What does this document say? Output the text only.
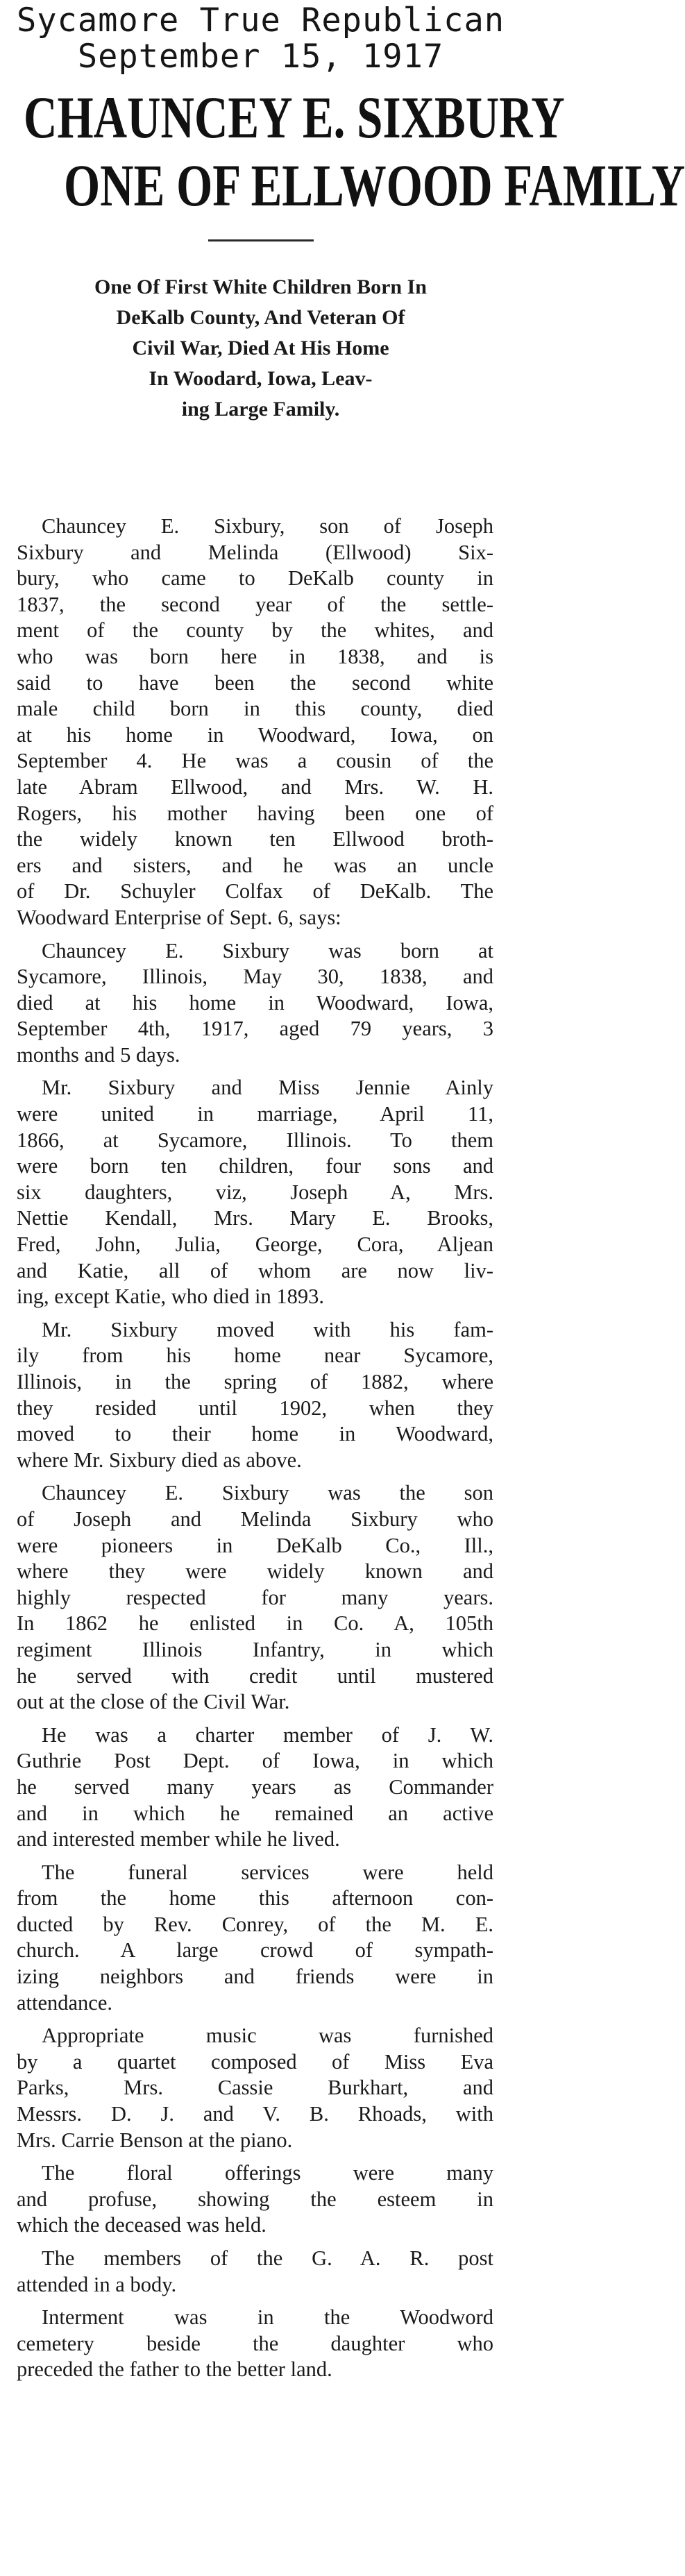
Sycamore True Republican
September 15, 1917
CHAUNCEY E. SIXBURY
ONE OF ELLWOOD FAMILY
One Of First White Children Born In
DeKalb County, And Veteran Of
Civil War, Died At His Home
In Woodard, Iowa, Leav-
ing Large Family.
Chauncey E. Sixbury, son of Joseph
Sixbury and Melinda (Ellwood) Six-
bury, who came to DeKalb county in
1837, the second year of the settle-
ment of the county by the whites, and
who was born here in 1838, and is
said to have been the second white
male child born in this county, died
at his home in Woodward, Iowa, on
September 4. He was a cousin of the
late Abram Ellwood, and Mrs. W. H.
Rogers, his mother having been one of
the widely known ten Ellwood broth-
ers and sisters, and he was an uncle
of Dr. Schuyler Colfax of DeKalb. The
Woodward Enterprise of Sept. 6, says:
Chauncey E. Sixbury was born at
Sycamore, Illinois, May 30, 1838, and
died at his home in Woodward, Iowa,
September 4th, 1917, aged 79 years, 3
months and 5 days.
Mr. Sixbury and Miss Jennie Ainly
were united in marriage, April 11,
1866, at Sycamore, Illinois. To them
were born ten children, four sons and
six daughters, viz, Joseph A, Mrs.
Nettie Kendall, Mrs. Mary E. Brooks,
Fred, John, Julia, George, Cora, Aljean
and Katie, all of whom are now liv-
ing, except Katie, who died in 1893.
Mr. Sixbury moved with his fam-
ily from his home near Sycamore,
Illinois, in the spring of 1882, where
they resided until 1902, when they
moved to their home in Woodward,
where Mr. Sixbury died as above.
Chauncey E. Sixbury was the son
of Joseph and Melinda Sixbury who
were pioneers in DeKalb Co., Ill.,
where they were widely known and
highly respected for many years.
In 1862 he enlisted in Co. A, 105th
regiment Illinois Infantry, in which
he served with credit until mustered
out at the close of the Civil War.
He was a charter member of J. W.
Guthrie Post Dept. of Iowa, in which
he served many years as Commander
and in which he remained an active
and interested member while he lived.
The funeral services were held
from the home this afternoon con-
ducted by Rev. Conrey, of the M. E.
church. A large crowd of sympath-
izing neighbors and friends were in
attendance.
Appropriate music was furnished
by a quartet composed of Miss Eva
Parks, Mrs. Cassie Burkhart, and
Messrs. D. J. and V. B. Rhoads, with
Mrs. Carrie Benson at the piano.
The floral offerings were many
and profuse, showing the esteem in
which the deceased was held.
The members of the G. A. R. post
attended in a body.
Interment was in the Woodword
cemetery beside the daughter who
preceded the father to the better land.
